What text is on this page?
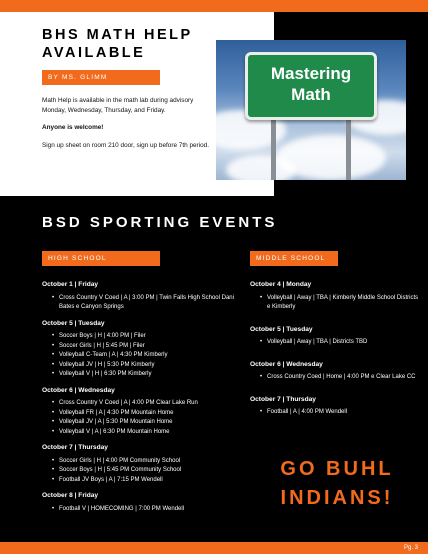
BHS MATH HELP AVAILABLE
BY MS. GLIMM

Math Help is available in the math lab during advisory Monday, Wednesday, Thursday, and Friday.

Anyone is welcome!

Sign up sheet on room 210 door, sign up before 7th period.

Mastering
Math
BSD SPORTING EVENTS
HIGH SCHOOL	MIDDLE SCHOOL
October 1 | Friday
• Cross Country V Coed | A | 3:00 PM | Twin Falls High School Dani Bates e Canyon Springs
October 5 | Tuesday
• Soccer Boys | H | 4:00 PM | Filer
• Soccer Girls | H | 5:45 PM | Filer
• Volleyball C-Team | A | 4:30 PM Kimberly
• Volleyball JV | H | 5:30 PM Kimberly
• Volleyball V | H | 6:30 PM Kimberly
October 6 | Wednesday
• Cross Country V Coed | A | 4:00 PM Clear Lake Run
• Volleyball FR | A | 4:30 PM Mountain Home
• Volleyball JV | A | 5:30 PM Mountain Home
• Volleyball V | A | 6:30 PM Mountain Home
October 7 | Thursday
• Soccer Girls | H | 4:00 PM Community School
• Soccer Boys | H | 5:45 PM Community School
• Football JV Boys | A | 7:15 PM Wendell
October 8 | Friday
• Football V | HOMECOMING | 7:00 PM Wendell
October 4 | Monday
• Volleyball | Away | TBA | Kimberly Middle School Districts e Kimberly
October 5 | Tuesday
• Volleyball | Away | TBA | Districts TBD
October 6 | Wednesday
• Cross Country Coed | Home | 4:00 PM e Clear Lake CC
October 7 | Thursday
• Football | A | 4:00 PM Wendell
GO BUHL
INDIANS!
Pg. 3
